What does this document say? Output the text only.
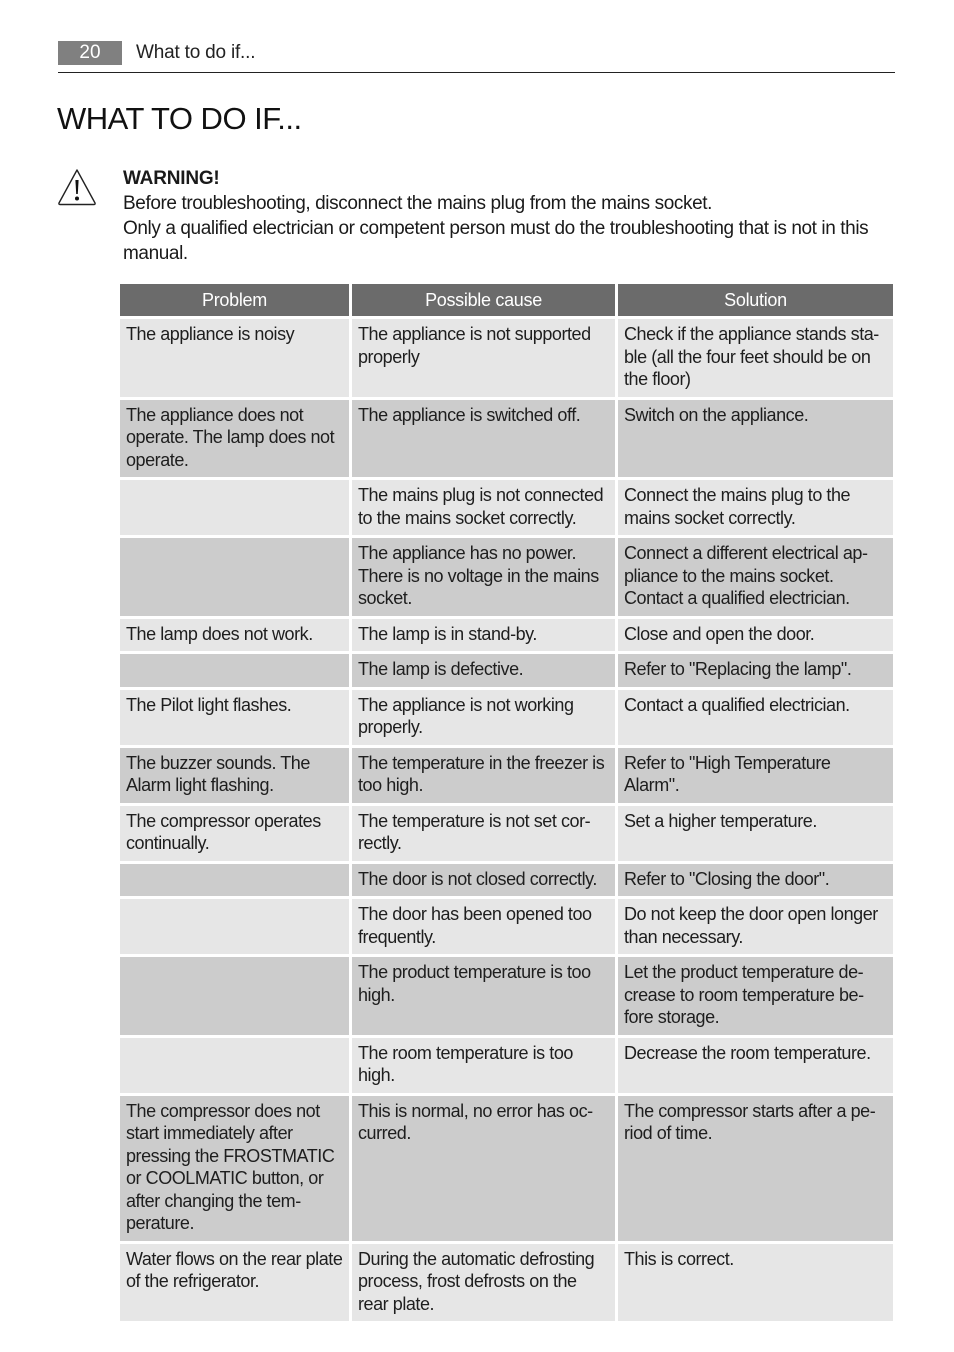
20	What to do if...
WHAT TO DO IF...

WARNING!

Before troubleshooting, disconnect the mains plug from the mains socket.

Only a qualified electrician or competent person must do the troubleshooting that is not in this manual.

Problem	Possible cause	Solution
The appliance is noisy	The appliance is not supported properly	Check if the appliance stands sta-ble (all the four feet should be on the floor)
The appliance does not operate. The lamp does not operate.	The appliance is switched off.	Switch on the appliance.
	The mains plug is not connected to the mains socket correctly.	Connect the mains plug to the mains socket correctly.
	The appliance has no power. There is no voltage in the mains socket.	Connect a different electrical ap-pliance to the mains socket. Contact a qualified electrician.
The lamp does not work.	The lamp is in stand-by.	Close and open the door.
	The lamp is defective.	Refer to "Replacing the lamp".
The Pilot light flashes.	The appliance is not working properly.	Contact a qualified electrician.
The buzzer sounds. The Alarm light flashing.	The temperature in the freezer is too high.	Refer to "High Temperature Alarm".
The compressor operates continually.	The temperature is not set cor-rectly.	Set a higher temperature.
	The door is not closed correctly.	Refer to "Closing the door".
	The door has been opened too frequently.	Do not keep the door open longer than necessary.
	The product temperature is too high.	Let the product temperature de-crease to room temperature be-fore storage.
	The room temperature is too high.	Decrease the room temperature.
The compressor does not start immediately after pressing the FROSTMATIC or COOLMATIC button, or after changing the tem-perature.	This is normal, no error has oc-curred.	The compressor starts after a pe-riod of time.
Water flows on the rear plate of the refrigerator.	During the automatic defrosting process, frost defrosts on the rear plate.	This is correct.
